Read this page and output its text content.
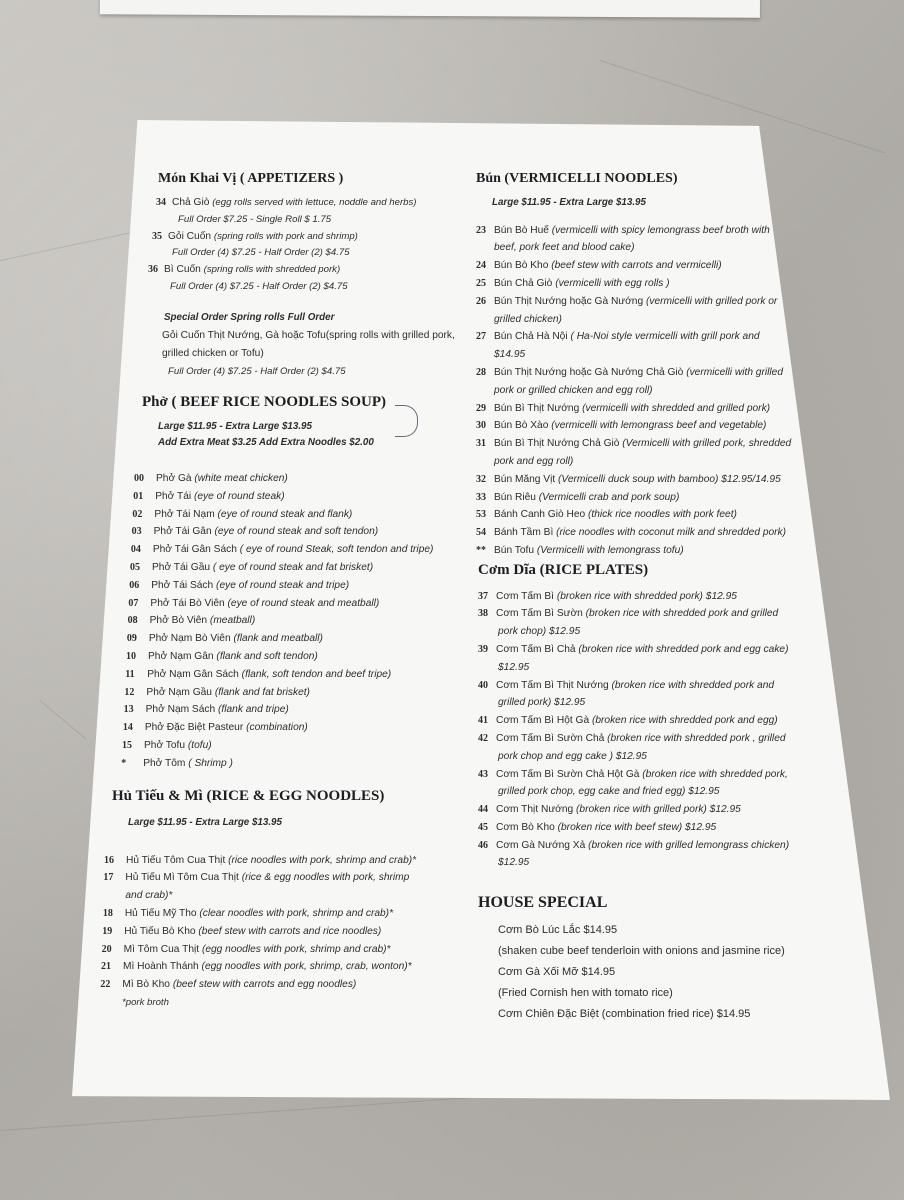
Món Khai Vị ( APPETIZERS )
34 Chả Giò (egg rolls served with lettuce, noddle and herbs)
Full Order $7.25 - Single Roll $ 1.75
35 Gỏi Cuốn (spring rolls with pork and shrimp)
Full Order (4) $7.25 - Half Order (2) $4.75
36 Bì Cuốn (spring rolls with shredded pork)
Full Order (4) $7.25 - Half Order (2) $4.75
Special Order Spring rolls Full Order
Gỏi Cuốn Thịt Nướng, Gà hoặc Tofu(spring rolls with grilled pork,
grilled chicken or Tofu)
Full Order (4) $7.25 - Half Order (2) $4.75
Phở ( BEEF RICE NOODLES SOUP)
Large $11.95 - Extra Large $13.95
Add Extra Meat $3.25 Add Extra Noodles $2.00
00 Phở Gà (white meat chicken)
01 Phở Tái (eye of round steak)
02 Phở Tái Nạm (eye of round steak and flank)
03 Phở Tái Gân (eye of round steak and soft tendon)
04 Phở Tái Gân Sách ( eye of round Steak, soft tendon and tripe)
05 Phở Tái Gầu ( eye of round steak and fat brisket)
06 Phở Tái Sách (eye of round steak and tripe)
07 Phở Tái Bò Viên (eye of round steak and meatball)
08 Phở Bò Viên (meatball)
09 Phở Nạm Bò Viên (flank and meatball)
10 Phở Nạm Gân (flank and soft tendon)
11 Phở Nạm Gân Sách (flank, soft tendon and beef tripe)
12 Phở Nạm Gầu (flank and fat brisket)
13 Phở Nạm Sách (flank and tripe)
14 Phở Đặc Biệt Pasteur (combination)
15 Phở Tofu (tofu)
* Phở Tôm ( Shrimp )
Hủ Tiếu & Mì (RICE & EGG NOODLES)
Large $11.95 - Extra Large $13.95
16 Hủ Tiếu Tôm Cua Thịt (rice noodles with pork, shrimp and crab)*
17 Hủ Tiếu Mì Tôm Cua Thịt (rice & egg noodles with pork, shrimp
and crab)*
18 Hủ Tiếu Mỹ Tho (clear noodles with pork, shrimp and crab)*
19 Hủ Tiếu Bò Kho (beef stew with carrots and rice noodles)
20 Mì Tôm Cua Thịt (egg noodles with pork, shrimp and crab)*
21 Mì Hoành Thánh (egg noodles with pork, shrimp, crab, wonton)*
22 Mì Bò Kho (beef stew with carrots and egg noodles)
*pork broth
Bún (VERMICELLI NOODLES)
Large $11.95 - Extra Large $13.95
23 Bún Bò Huế (vermicelli with spicy lemongrass beef broth with
beef, pork feet and blood cake)
24 Bún Bò Kho (beef stew with carrots and vermicelli)
25 Bún Chả Giò (vermicelli with egg rolls )
26 Bún Thịt Nướng hoặc Gà Nướng (vermicelli with grilled pork or
grilled chicken)
27 Bún Chả Hà Nội ( Ha-Noi style vermicelli with grill pork and
$14.95
28 Bún Thịt Nướng hoặc Gà Nướng Chả Giò (vermicelli with grilled
pork or grilled chicken and egg roll)
29 Bún Bì Thịt Nướng (vermicelli with shredded and grilled pork)
30 Bún Bò Xào (vermicelli with lemongrass beef and vegetable)
31 Bún Bì Thịt Nướng Chả Giò (Vermicelli with grilled pork, shredded
pork and egg roll)
32 Bún Măng Vịt (Vermicelli duck soup with bamboo) $12.95/14.95
33 Bún Riêu (Vermicelli crab and pork soup)
53 Bánh Canh Giò Heo (thick rice noodles with pork feet)
54 Bánh Tầm Bì (rice noodles with coconut milk and shredded pork)
** Bún Tofu (Vermicelli with lemongrass tofu)
Cơm Dĩa (RICE PLATES)
37 Cơm Tấm Bì (broken rice with shredded pork) $12.95
38 Cơm Tấm Bì Sườn (broken rice with shredded pork and grilled
pork chop) $12.95
39 Cơm Tấm Bì Chả (broken rice with shredded pork and egg cake)
$12.95
40 Cơm Tấm Bì Thịt Nướng (broken rice with shredded pork and
grilled pork) $12.95
41 Cơm Tấm Bì Hột Gà (broken rice with shredded pork and egg)
42 Cơm Tấm Bì Sườn Chả (broken rice with shredded pork , grilled
pork chop and egg cake ) $12.95
43 Cơm Tấm Bì Sườn Chả Hột Gà (broken rice with shredded pork,
grilled pork chop, egg cake and fried egg) $12.95
44 Cơm Thịt Nướng (broken rice with grilled pork) $12.95
45 Cơm Bò Kho (broken rice with beef stew) $12.95
46 Cơm Gà Nướng Xả (broken rice with grilled lemongrass chicken)
$12.95
HOUSE SPECIAL
Cơm Bò Lúc Lắc $14.95
(shaken cube beef tenderloin with onions and jasmine rice)
Cơm Gà Xối Mỡ $14.95
(Fried Cornish hen with tomato rice)
Cơm Chiên Đặc Biệt (combination fried rice) $14.95
